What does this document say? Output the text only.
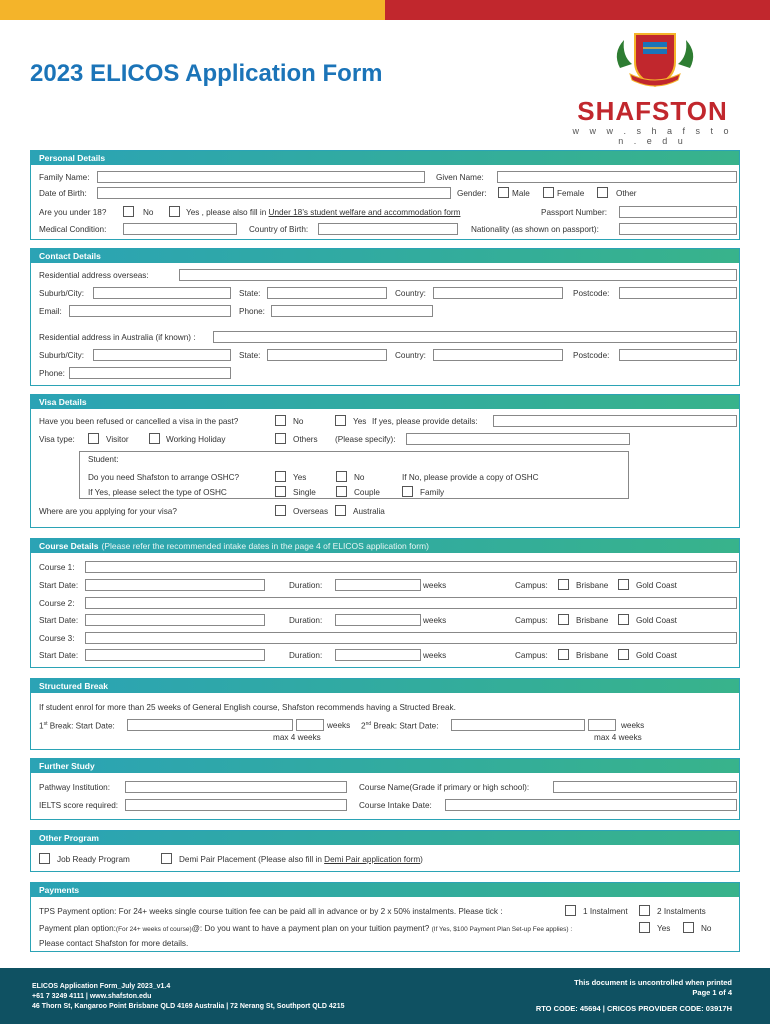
2023 ELICOS Application Form
SHAFSTON
w w w . s h a f s t o n . e d u
Personal Details
Family Name:	Given Name:
Date of Birth:	Gender:	Male	Female	Other
Are you under 18?	No	Yes , please also fill in Under 18’s student welfare and accommodation form	Passport Number:
Medical Condition:	Country of Birth:	Nationality (as shown on passport):
Contact Details
Residential address overseas:
Suburb/City:	State:	Country:	Postcode:
Email:	Phone:
Residential address in Australia (if known) :
Suburb/City:	State:	Country:	Postcode:
Phone:
Visa Details
Have you been refused or cancelled a visa in the past?	No	Yes If yes, please provide details:
Visa type:	Visitor	Working Holiday	Others (Please specify):
Student:
Do you need Shafston to arrange OSHC?	Yes	No	If No, please provide a copy of OSHC
If Yes, please select the type of OSHC	Single	Couple	Family
Where are you applying for your visa?	Overseas	Australia
Course Details (Please refer the recommended intake dates in the page 4 of ELICOS application form)
Course 1:
Start Date:	Duration:	weeks	Campus:	Brisbane	Gold Coast
Course 2:
Start Date:	Duration:	weeks	Campus:	Brisbane	Gold Coast
Course 3:
Start Date:	Duration:	weeks	Campus:	Brisbane	Gold Coast
Structured Break
If student enrol for more than 25 weeks of General English course, Shafston recommends having a Structed Break.
1st Break: Start Date:	weeks 2nd Break: Start Date:	weeks
max 4 weeks	max 4 weeks
Further Study
Pathway Institution:	Course Name(Grade if primary or high school):
IELTS score required:	Course Intake Date:
Other Program
Job Ready Program	Demi Pair Placement (Please also fill in Demi Pair application form)
Payments
TPS Payment option: For 24+ weeks single course tuition fee can be paid all in advance or by 2 x 50% instalments. Please tick :	1 Instalment	2 Instalments
Payment plan option:(For 24+ weeks of course)@: Do you want to have a payment plan on your tuition payment? (If Yes, $100 Payment Plan Set-up Fee applies) :	Yes	No
Please contact Shafston for more details.
ELICOS Application Form_July 2023_v1.4
+61 7 3249 4111 | www.shafston.edu
46 Thorn St, Kangaroo Point Brisbane QLD 4169 Australia | 72 Nerang St, Southport QLD 4215
This document is uncontrolled when printed
Page 1 of 4
RTO CODE: 45694 | CRICOS PROVIDER CODE: 03917H
